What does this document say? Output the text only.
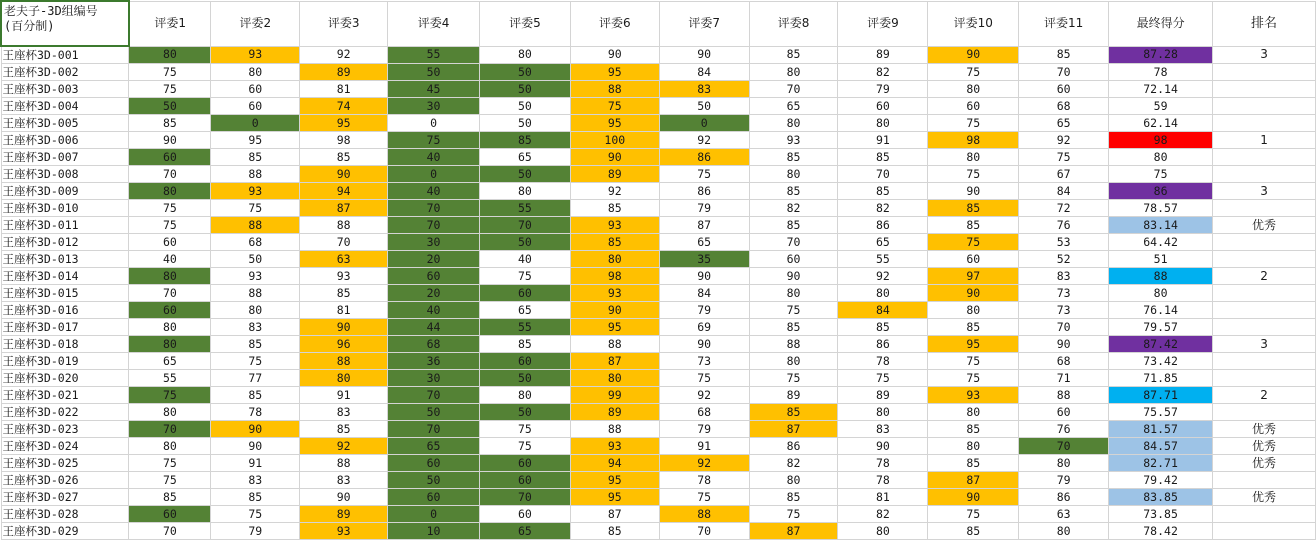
老夫子-3D组编号
(百分制)	评委1	评委2	评委3	评委4	评委5	评委6	评委7	评委8	评委9	评委10	评委11	最终得分	排名
王座杯3D-001	80	93	92	55	80	90	90	85	89	90	85	87.28	3
王座杯3D-002	75	80	89	50	50	95	84	80	82	75	70	78	
王座杯3D-003	75	60	81	45	50	88	83	70	79	80	60	72.14	
王座杯3D-004	50	60	74	30	50	75	50	65	60	60	68	59	
王座杯3D-005	85	0	95	0	50	95	0	80	80	75	65	62.14	
王座杯3D-006	90	95	98	75	85	100	92	93	91	98	92	98	1
王座杯3D-007	60	85	85	40	65	90	86	85	85	80	75	80	
王座杯3D-008	70	88	90	0	50	89	75	80	70	75	67	75	
王座杯3D-009	80	93	94	40	80	92	86	85	85	90	84	86	3
王座杯3D-010	75	75	87	70	55	85	79	82	82	85	72	78.57	
王座杯3D-011	75	88	88	70	70	93	87	85	86	85	76	83.14	优秀
王座杯3D-012	60	68	70	30	50	85	65	70	65	75	53	64.42	
王座杯3D-013	40	50	63	20	40	80	35	60	55	60	52	51	
王座杯3D-014	80	93	93	60	75	98	90	90	92	97	83	88	2
王座杯3D-015	70	88	85	20	60	93	84	80	80	90	73	80	
王座杯3D-016	60	80	81	40	65	90	79	75	84	80	73	76.14	
王座杯3D-017	80	83	90	44	55	95	69	85	85	85	70	79.57	
王座杯3D-018	80	85	96	68	85	88	90	88	86	95	90	87.42	3
王座杯3D-019	65	75	88	36	60	87	73	80	78	75	68	73.42	
王座杯3D-020	55	77	80	30	50	80	75	75	75	75	71	71.85	
王座杯3D-021	75	85	91	70	80	99	92	89	89	93	88	87.71	2
王座杯3D-022	80	78	83	50	50	89	68	85	80	80	60	75.57	
王座杯3D-023	70	90	85	70	75	88	79	87	83	85	76	81.57	优秀
王座杯3D-024	80	90	92	65	75	93	91	86	90	80	70	84.57	优秀
王座杯3D-025	75	91	88	60	60	94	92	82	78	85	80	82.71	优秀
王座杯3D-026	75	83	83	50	60	95	78	80	78	87	79	79.42	
王座杯3D-027	85	85	90	60	70	95	75	85	81	90	86	83.85	优秀
王座杯3D-028	60	75	89	0	60	87	88	75	82	75	63	73.85	
王座杯3D-029	70	79	93	10	65	85	70	87	80	85	80	78.42	
